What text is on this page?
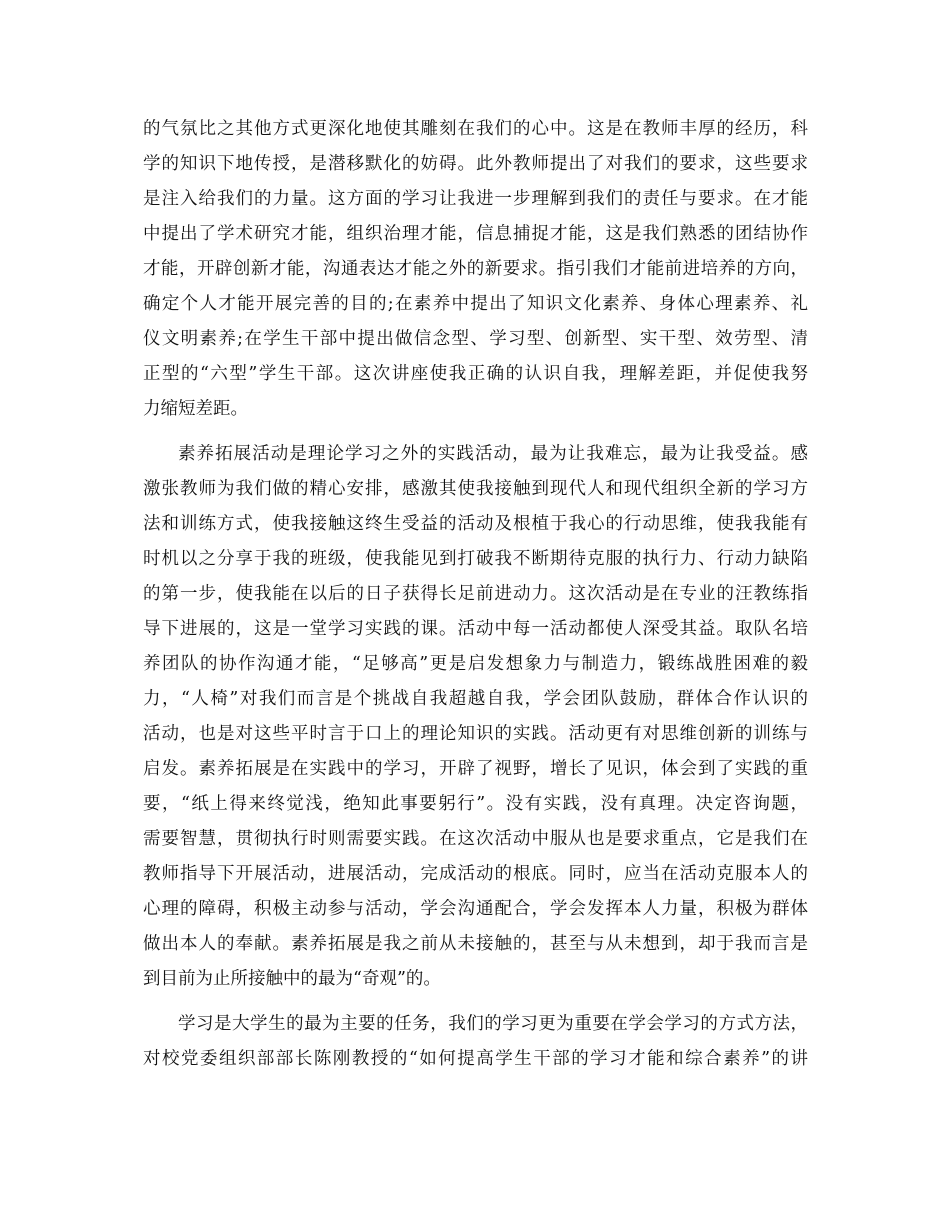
的气氛比之其他方式更深化地使其雕刻在我们的心中。这是在教师丰厚的经历，科
学的知识下地传授，是潜移默化的妨碍。此外教师提出了对我们的要求，这些要求
是注入给我们的力量。这方面的学习让我进一步理解到我们的责任与要求。在才能
中提出了学术研究才能，组织治理才能，信息捕捉才能，这是我们熟悉的团结协作
才能，开辟创新才能，沟通表达才能之外的新要求。指引我们才能前进培养的方向，
确定个人才能开展完善的目的;在素养中提出了知识文化素养、身体心理素养、礼
仪文明素养;在学生干部中提出做信念型、学习型、创新型、实干型、效劳型、清
正型的“六型”学生干部。这次讲座使我正确的认识自我，理解差距，并促使我努
力缩短差距。
素养拓展活动是理论学习之外的实践活动，最为让我难忘，最为让我受益。感
激张教师为我们做的精心安排，感激其使我接触到现代人和现代组织全新的学习方
法和训练方式，使我接触这终生受益的活动及根植于我心的行动思维，使我我能有
时机以之分享于我的班级，使我能见到打破我不断期待克服的执行力、行动力缺陷
的第一步，使我能在以后的日子获得长足前进动力。这次活动是在专业的汪教练指
导下进展的，这是一堂学习实践的课。活动中每一活动都使人深受其益。取队名培
养团队的协作沟通才能，“足够高”更是启发想象力与制造力，锻练战胜困难的毅
力，“人椅”对我们而言是个挑战自我超越自我，学会团队鼓励，群体合作认识的
活动，也是对这些平时言于口上的理论知识的实践。活动更有对思维创新的训练与
启发。素养拓展是在实践中的学习，开辟了视野，增长了见识，体会到了实践的重
要，“纸上得来终觉浅，绝知此事要躬行”。没有实践，没有真理。决定咨询题，
需要智慧，贯彻执行时则需要实践。在这次活动中服从也是要求重点，它是我们在
教师指导下开展活动，进展活动，完成活动的根底。同时，应当在活动克服本人的
心理的障碍，积极主动参与活动，学会沟通配合，学会发挥本人力量，积极为群体
做出本人的奉献。素养拓展是我之前从未接触的，甚至与从未想到，却于我而言是
到目前为止所接触中的最为“奇观”的。
学习是大学生的最为主要的任务，我们的学习更为重要在学会学习的方式方法，
对校党委组织部部长陈刚教授的“如何提高学生干部的学习才能和综合素养”的讲
